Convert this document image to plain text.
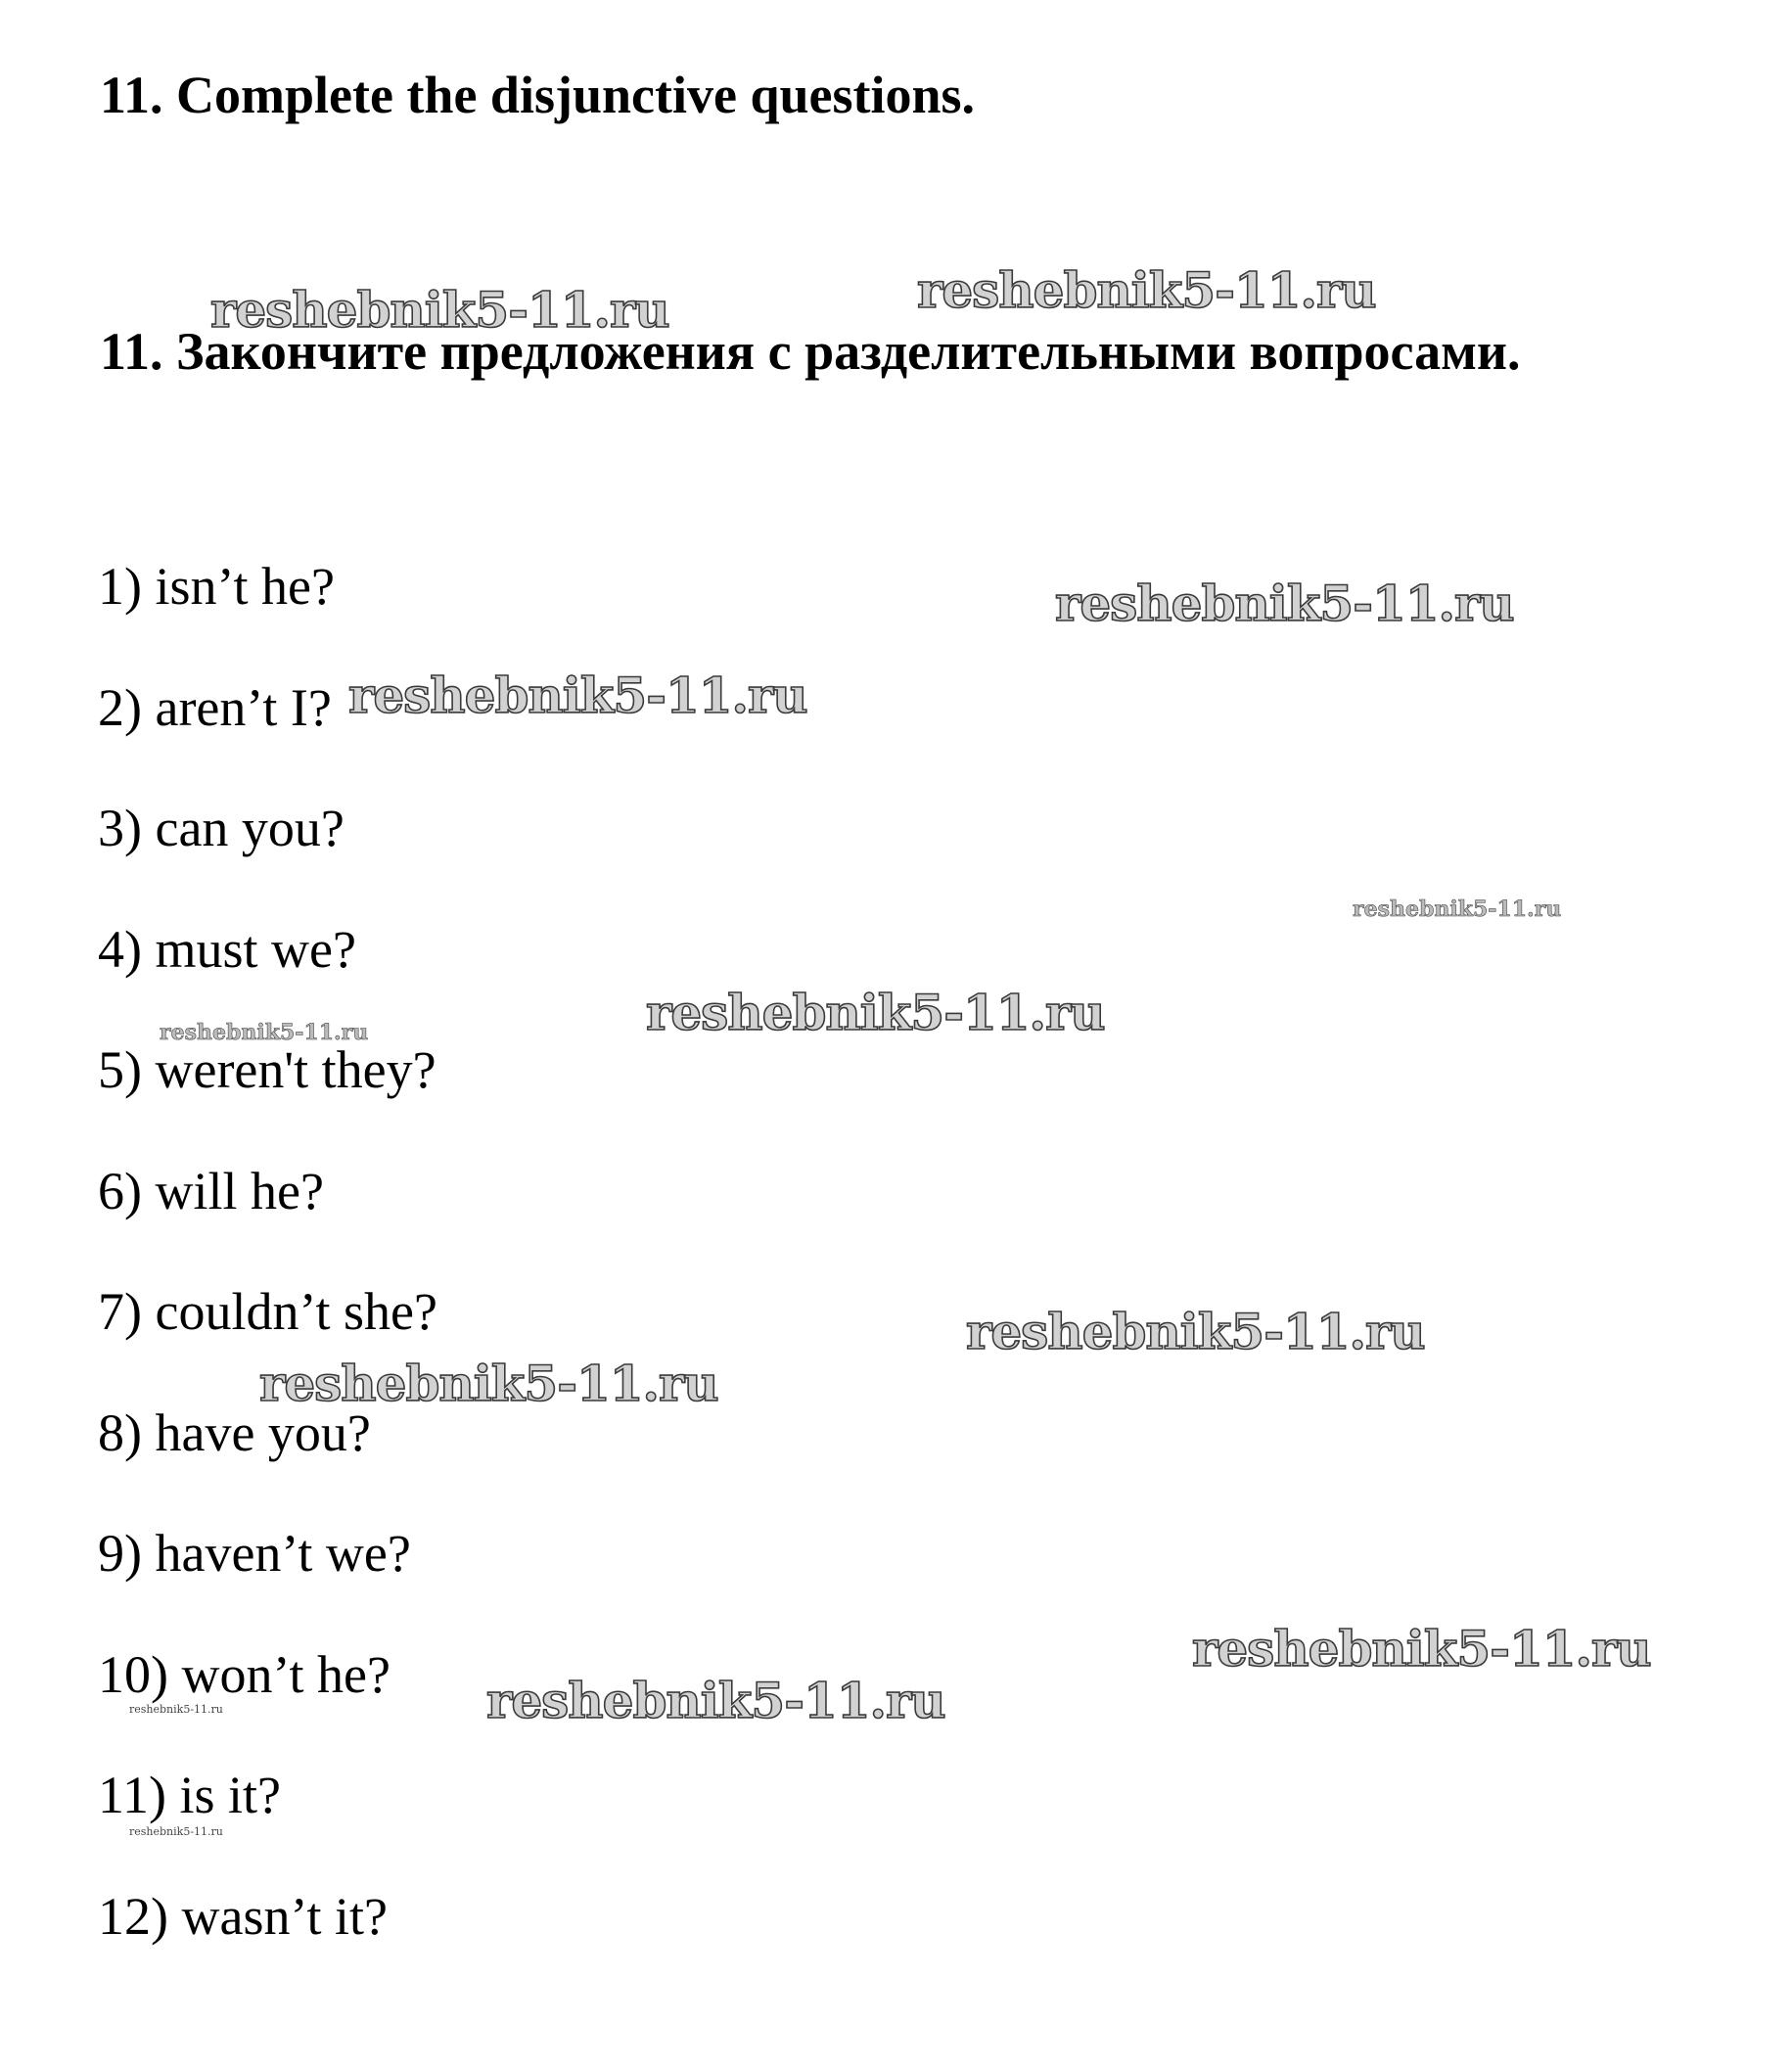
11. Complete the disjunctive questions.
11. Закончите предложения с разделительными вопросами.
1) isn’t he?
2) aren’t I?
3) can you?
4) must we?
5) weren't they?
6) will he?
7) couldn’t she?
8) have you?
9) haven’t we?
10) won’t he?
11) is it?
12) wasn’t it?
reshebnik5-11.ru	reshebnik5-11.ru
reshebnik5-11.ru
reshebnik5-11.ru
reshebnik5-11.ru
reshebnik5-11.ru
reshebnik5-11.ru
reshebnik5-11.ru
reshebnik5-11.ru
reshebnik5-11.ru
reshebnik5-11.ru
reshebnik5-11.ru
reshebnik5-11.ru
